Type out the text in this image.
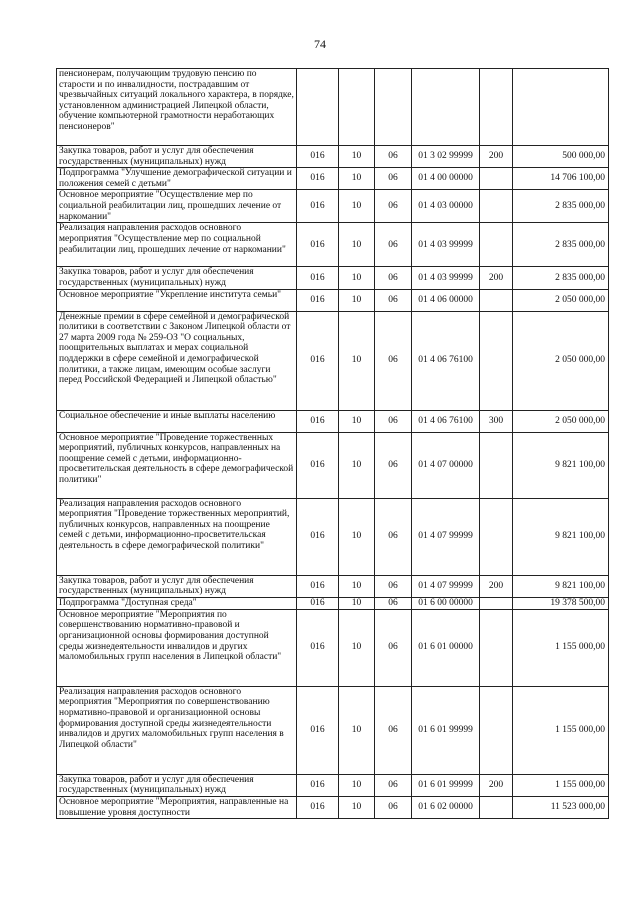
74
пенсионерам, получающим трудовую пенсию по старости и по инвалидности, пострадавшим от чрезвычайных ситуаций локального характера, в порядке, установленном администрацией Липецкой области, обучение компьютерной грамотности неработающих пенсионеров"						
Закупка товаров, работ и услуг для обеспечения государственных (муниципальных) нужд	016	10	06	01 3 02 99999	200	500 000,00
Подпрограмма "Улучшение демографической ситуации и положения семей с детьми"	016	10	06	01 4 00 00000		14 706 100,00
Основное мероприятие "Осуществление мер по социальной реабилитации лиц, прошедших лечение от наркомании"	016	10	06	01 4 03 00000		2 835 000,00
Реализация направления расходов основного мероприятия "Осуществление мер по социальной реабилитации лиц, прошедших лечение от наркомании"	016	10	06	01 4 03 99999		2 835 000,00
Закупка товаров, работ и услуг для обеспечения государственных (муниципальных) нужд	016	10	06	01 4 03 99999	200	2 835 000,00
Основное мероприятие "Укрепление института семьи"	016	10	06	01 4 06 00000		2 050 000,00
Денежные премии в сфере семейной и демографической политики в соответствии с Законом Липецкой области от 27 марта 2009 года № 259-ОЗ "О социальных, поощрительных выплатах и мерах социальной поддержки в сфере семейной и демографической политики, а также лицам, имеющим особые заслуги перед Российской Федерацией и Липецкой областью"	016	10	06	01 4 06 76100		2 050 000,00
Социальное обеспечение и иные выплаты населению	016	10	06	01 4 06 76100	300	2 050 000,00
Основное мероприятие "Проведение торжественных мероприятий, публичных конкурсов, направленных на поощрение семей с детьми, информационно-просветительская деятельность в сфере демографической политики"	016	10	06	01 4 07 00000		9 821 100,00
Реализация направления расходов основного мероприятия "Проведение торжественных мероприятий, публичных конкурсов, направленных на поощрение семей с детьми, информационно-просветительская деятельность в сфере демографической политики"	016	10	06	01 4 07 99999		9 821 100,00
Закупка товаров, работ и услуг для обеспечения государственных (муниципальных) нужд	016	10	06	01 4 07 99999	200	9 821 100,00
Подпрограмма "Доступная среда"	016	10	06	01 6 00 00000		19 378 500,00
Основное мероприятие "Мероприятия по совершенствованию нормативно-правовой и организационной основы формирования доступной среды жизнедеятельности инвалидов и других маломобильных групп населения в Липецкой области"	016	10	06	01 6 01 00000		1 155 000,00
Реализация направления расходов основного мероприятия "Мероприятия по совершенствованию нормативно-правовой и организационной основы формирования доступной среды жизнедеятельности инвалидов и других маломобильных групп населения в Липецкой области"	016	10	06	01 6 01 99999		1 155 000,00
Закупка товаров, работ и услуг для обеспечения государственных (муниципальных) нужд	016	10	06	01 6 01 99999	200	1 155 000,00
Основное мероприятие "Мероприятия, направленные на повышение уровня доступности	016	10	06	01 6 02 00000		11 523 000,00
